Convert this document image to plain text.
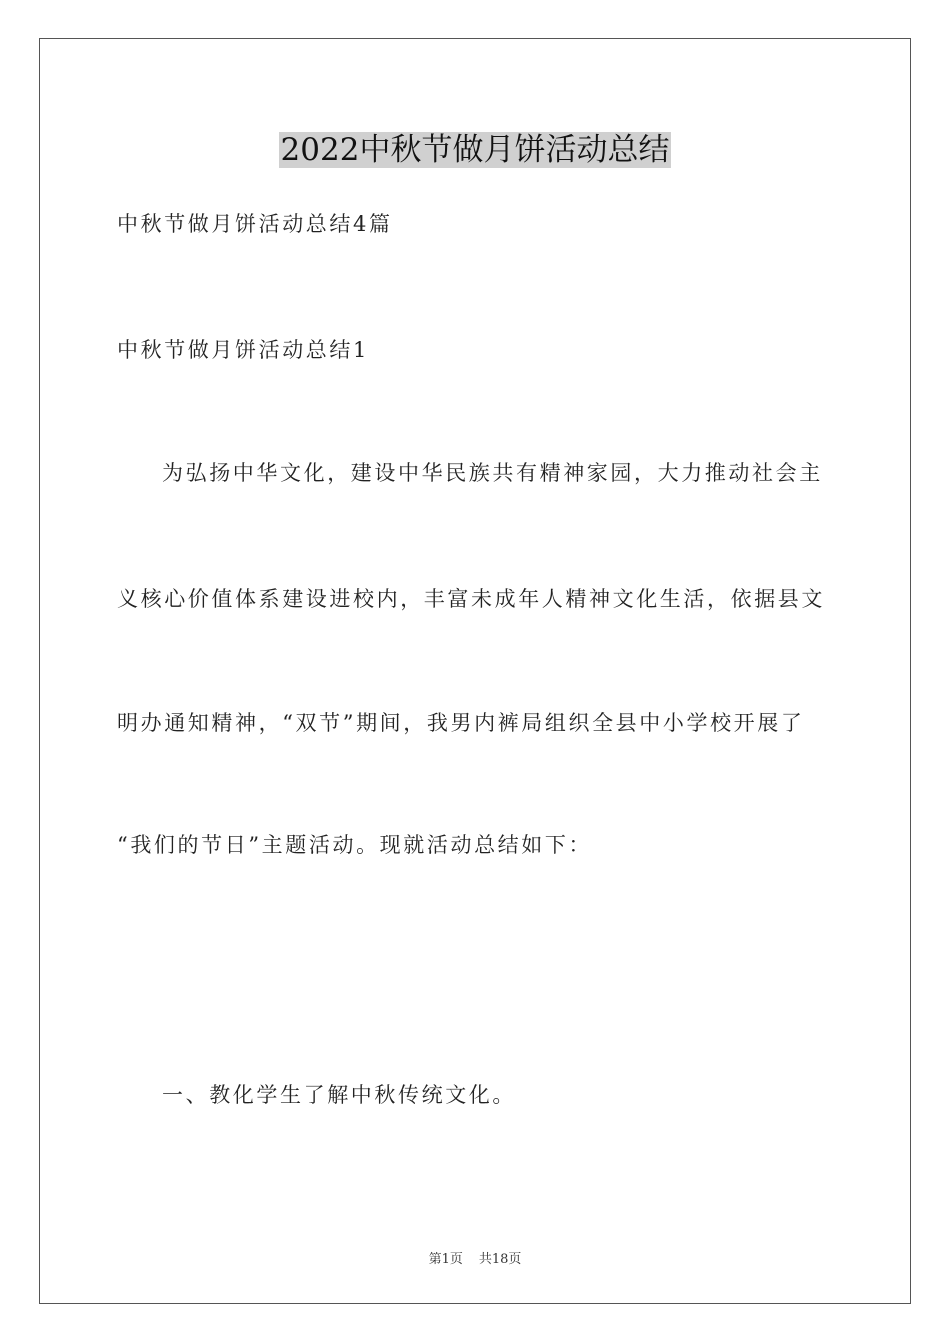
2022中秋节做月饼活动总结
中秋节做月饼活动总结4篇
中秋节做月饼活动总结1
为弘扬中华文化，建设中华民族共有精神家园，大力推动社会主
义核心价值体系建设进校内，丰富未成年人精神文化生活，依据县文
明办通知精神，“双节”期间，我男内裤局组织全县中小学校开展了
“我们的节日”主题活动。现就活动总结如下：
一、教化学生了解中秋传统文化。
第1页 共18页
